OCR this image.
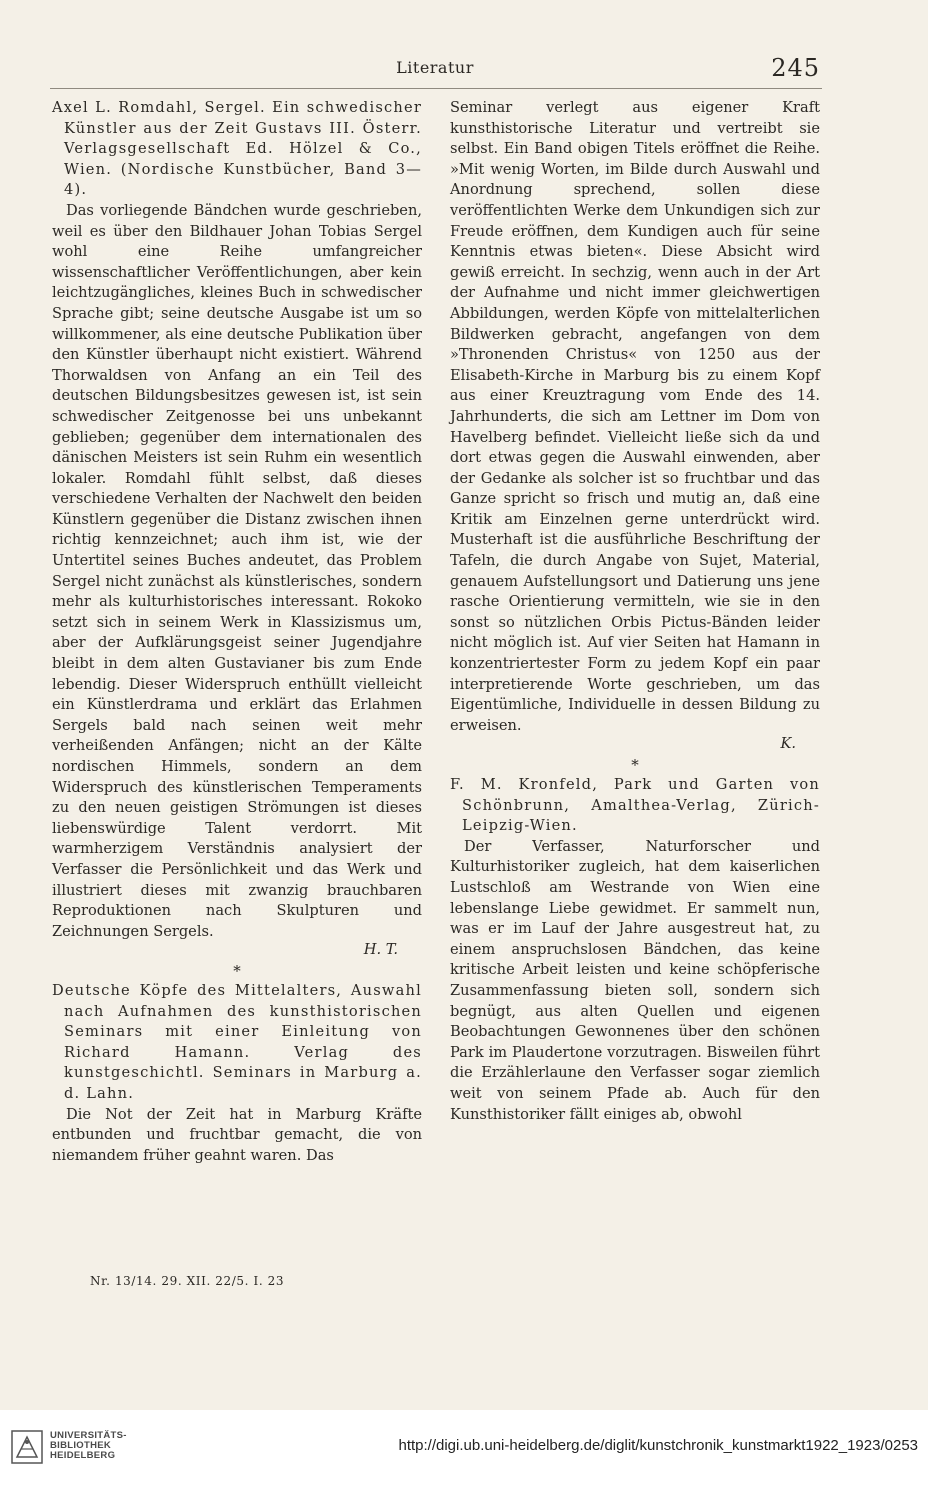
Literatur	245

Axel L. Romdahl, Sergel. Ein schwedischer Künstler aus der Zeit Gustavs III. Österr. Verlagsgesellschaft Ed. Hölzel & Co., Wien. (Nordische Kunstbücher, Band 3—4).

Das vorliegende Bändchen wurde geschrieben, weil es über den Bildhauer Johan Tobias Sergel wohl eine Reihe umfangreicher wissenschaftlicher Veröffentlichungen, aber kein leichtzugängliches, kleines Buch in schwedischer Sprache gibt; seine deutsche Ausgabe ist um so willkommener, als eine deutsche Publikation über den Künstler überhaupt nicht existiert. Während Thorwaldsen von Anfang an ein Teil des deutschen Bildungsbesitzes gewesen ist, ist sein schwedischer Zeitgenosse bei uns unbekannt geblieben; gegenüber dem internationalen des dänischen Meisters ist sein Ruhm ein wesentlich lokaler. Romdahl fühlt selbst, daß dieses verschiedene Verhalten der Nachwelt den beiden Künstlern gegenüber die Distanz zwischen ihnen richtig kennzeichnet; auch ihm ist, wie der Untertitel seines Buches andeutet, das Problem Sergel nicht zunächst als künstlerisches, sondern mehr als kulturhistorisches interessant. Rokoko setzt sich in seinem Werk in Klassizismus um, aber der Aufklärungsgeist seiner Jugendjahre bleibt in dem alten Gustavianer bis zum Ende lebendig. Dieser Widerspruch enthüllt vielleicht ein Künstlerdrama und erklärt das Erlahmen Sergels bald nach seinen weit mehr verheißenden Anfängen; nicht an der Kälte nordischen Himmels, sondern an dem Widerspruch des künstlerischen Temperaments zu den neuen geistigen Strömungen ist dieses liebenswürdige Talent verdorrt. Mit warmherzigem Verständnis analysiert der Verfasser die Persönlichkeit und das Werk und illustriert dieses mit zwanzig brauchbaren Reproduktionen nach Skulpturen und Zeichnungen Sergels.

H. T.

*

Deutsche Köpfe des Mittelalters, Auswahl nach Aufnahmen des kunsthistorischen Seminars mit einer Einleitung von Richard Hamann. Verlag des kunstgeschichtl. Seminars in Marburg a. d. Lahn.

Die Not der Zeit hat in Marburg Kräfte entbunden und fruchtbar gemacht, die von niemandem früher geahnt waren. Das

Seminar verlegt aus eigener Kraft kunsthistorische Literatur und vertreibt sie selbst. Ein Band obigen Titels eröffnet die Reihe. »Mit wenig Worten, im Bilde durch Auswahl und Anordnung sprechend, sollen diese veröffentlichten Werke dem Unkundigen sich zur Freude eröffnen, dem Kundigen auch für seine Kenntnis etwas bieten«. Diese Absicht wird gewiß erreicht. In sechzig, wenn auch in der Art der Aufnahme und nicht immer gleichwertigen Abbildungen, werden Köpfe von mittelalterlichen Bildwerken gebracht, angefangen von dem »Thronenden Christus« von 1250 aus der Elisabeth-Kirche in Marburg bis zu einem Kopf aus einer Kreuztragung vom Ende des 14. Jahrhunderts, die sich am Lettner im Dom von Havelberg befindet. Vielleicht ließe sich da und dort etwas gegen die Auswahl einwenden, aber der Gedanke als solcher ist so fruchtbar und das Ganze spricht so frisch und mutig an, daß eine Kritik am Einzelnen gerne unterdrückt wird. Musterhaft ist die ausführliche Beschriftung der Tafeln, die durch Angabe von Sujet, Material, genauem Aufstellungsort und Datierung uns jene rasche Orientierung vermitteln, wie sie in den sonst so nützlichen Orbis Pictus-Bänden leider nicht möglich ist. Auf vier Seiten hat Hamann in konzentriertester Form zu jedem Kopf ein paar interpretierende Worte geschrieben, um das Eigentümliche, Individuelle in dessen Bildung zu erweisen.

K.

*

F. M. Kronfeld, Park und Garten von Schönbrunn, Amalthea-Verlag, Zürich-Leipzig-Wien.

Der Verfasser, Naturforscher und Kulturhistoriker zugleich, hat dem kaiserlichen Lustschloß am Westrande von Wien eine lebenslange Liebe gewidmet. Er sammelt nun, was er im Lauf der Jahre ausgestreut hat, zu einem anspruchslosen Bändchen, das keine kritische Arbeit leisten und keine schöpferische Zusammenfassung bieten soll, sondern sich begnügt, aus alten Quellen und eigenen Beobachtungen Gewonnenes über den schönen Park im Plaudertone vorzutragen. Bisweilen führt die Erzählerlaune den Verfasser sogar ziemlich weit von seinem Pfade ab. Auch für den Kunsthistoriker fällt einiges ab, obwohl

Nr. 13/14. 29. XII. 22/5. I. 23
UNIVERSITÄTS-
BIBLIOTHEK
HEIDELBERG
http://digi.ub.uni-heidelberg.de/diglit/kunstchronik_kunstmarkt1922_1923/0253
